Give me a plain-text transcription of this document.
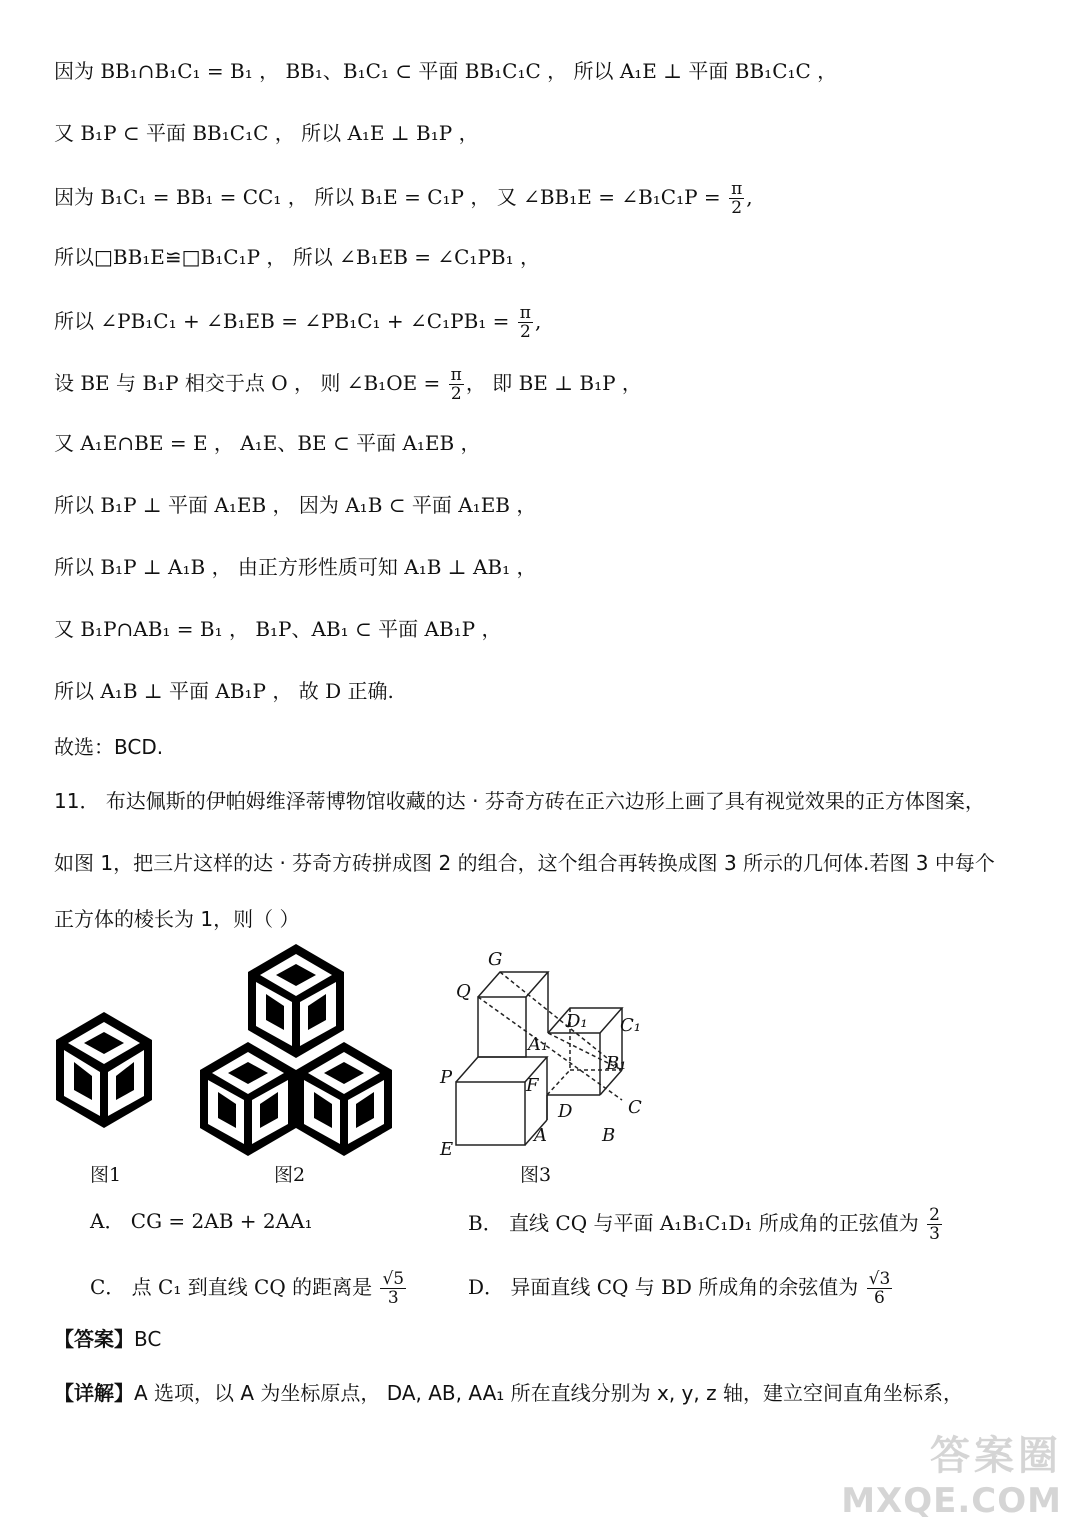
因为 BB₁∩B₁C₁ = B₁ ， BB₁、B₁C₁ ⊂ 平面 BB₁C₁C ， 所以 A₁E ⊥ 平面 BB₁C₁C ，
又 B₁P ⊂ 平面 BB₁C₁C ， 所以 A₁E ⊥ B₁P ，
因为 B₁C₁ = BB₁ = CC₁ ， 所以 B₁E = C₁P ， 又 ∠BB₁E = ∠B₁C₁P = $\frac{\pi}{2}$ ,
所以□BB₁E≌□B₁C₁P ， 所以 ∠B₁EB = ∠C₁PB₁ ，
所以 ∠PB₁C₁ + ∠B₁EB = ∠PB₁C₁ + ∠C₁PB₁ = $\frac{\pi}{2}$ ,
设 BE 与 B₁P 相交于点 O ， 则 ∠B₁OE = $\frac{\pi}{2}$ ， 即 BE ⊥ B₁P ，
又 A₁E∩BE = E ， A₁E、BE ⊂ 平面 A₁EB ，
所以 B₁P ⊥ 平面 A₁EB ， 因为 A₁B ⊂ 平面 A₁EB ，
所以 B₁P ⊥ A₁B ， 由正方形性质可知 A₁B ⊥ AB₁ ，
又 B₁P∩AB₁ = B₁ ， B₁P、AB₁ ⊂ 平面 AB₁P ，
所以 A₁B ⊥ 平面 AB₁P ， 故 D 正确.
故选：BCD.
11． 布达佩斯的伊帕姆维泽蒂博物馆收藏的达 · 芬奇方砖在正六边形上画了具有视觉效果的正方体图案，
如图 1，把三片这样的达 · 芬奇方砖拼成图 2 的组合，这个组合再转换成图 3 所示的几何体.若图 3 中每个
正方体的棱长为 1，则（ ）
图1	图2
G
Q
D₁ C₁
A₁
B₁
P	F
D	C
E
A	B
图3
A． CG = 2AB + 2AA₁	B． 直线 CQ 与平面 A₁B₁C₁D₁ 所成角的正弦值为 $\frac{2}{3}$
C． 点 C₁ 到直线 CQ 的距离是 $\frac{√5}{3}$	D． 异面直线 CQ 与 BD 所成角的余弦值为 $\frac{√3}{6}$
【答案】BC
【详解】A 选项，以 A 为坐标原点， DA, AB, AA₁ 所在直线分别为 x, y, z 轴，建立空间直角坐标系，
答案圈
MXQE.COM
